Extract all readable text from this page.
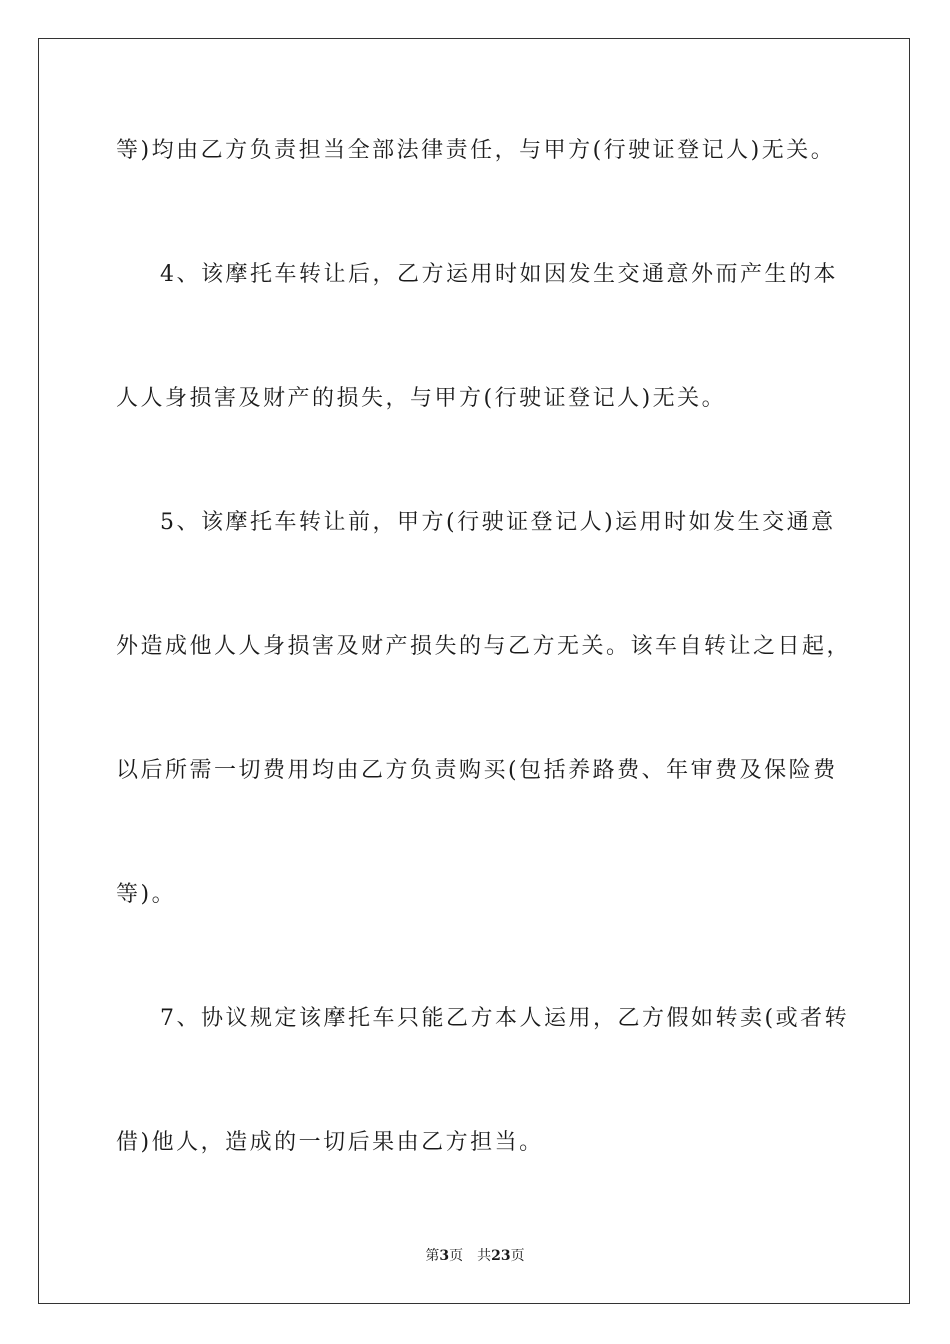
等)均由乙方负责担当全部法律责任，与甲方(行驶证登记人)无关。
4、该摩托车转让后，乙方运用时如因发生交通意外而产生的本
人人身损害及财产的损失，与甲方(行驶证登记人)无关。
5、该摩托车转让前，甲方(行驶证登记人)运用时如发生交通意
外造成他人人身损害及财产损失的与乙方无关。该车自转让之日起，
以后所需一切费用均由乙方负责购买(包括养路费、年审费及保险费
等)。
7、协议规定该摩托车只能乙方本人运用，乙方假如转卖(或者转
借)他人，造成的一切后果由乙方担当。
第3页 共23页
